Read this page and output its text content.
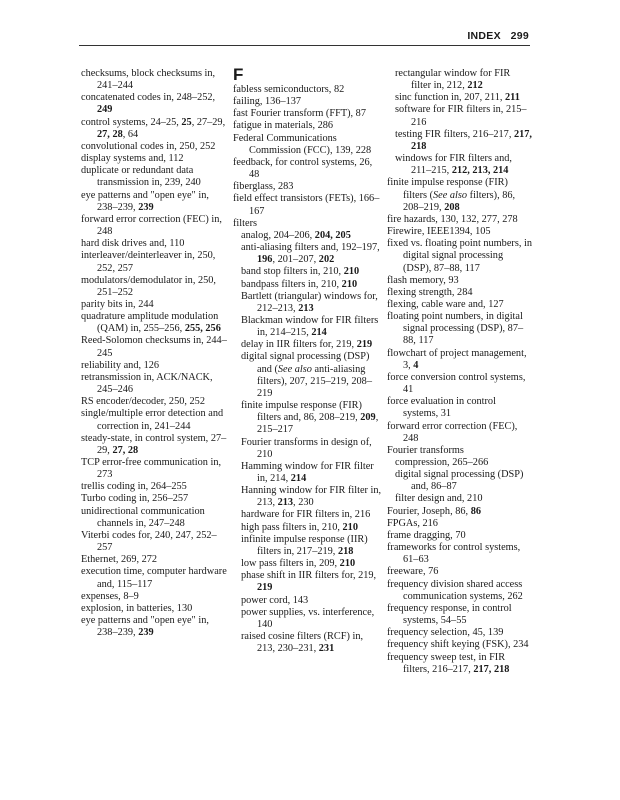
INDEX   299
checksums, block checksums in, 241–244
concatenated codes in, 248–252, 249
control systems, 24–25, 25, 27–29, 27, 28, 64
convolutional codes in, 250, 252
display systems and, 112
duplicate or redundant data transmission in, 239, 240
eye patterns and "open eye" in, 238–239, 239
forward error correction (FEC) in, 248
hard disk drives and, 110
interleaver/deinterleaver in, 250, 252, 257
modulators/demodulator in, 250, 251–252
parity bits in, 244
quadrature amplitude modulation (QAM) in, 255–256, 255, 256
Reed-Solomon checksums in, 244–245
reliability and, 126
retransmission in, ACK/NACK, 245–246
RS encoder/decoder, 250, 252
single/multiple error detection and correction in, 241–244
steady-state, in control system, 27–29, 27, 28
TCP error-free communication in, 273
trellis coding in, 264–255
Turbo coding in, 256–257
unidirectional communication channels in, 247–248
Viterbi codes for, 240, 247, 252–257
Ethernet, 269, 272
execution time, computer hardware and, 115–117
expenses, 8–9
explosion, in batteries, 130
eye patterns and "open eye" in, 238–239, 239
F
fabless semiconductors, 82
failing, 136–137
fast Fourier transform (FFT), 87
fatigue in materials, 286
Federal Communications Commission (FCC), 139, 228
feedback, for control systems, 26, 48
fiberglass, 283
field effect transistors (FETs), 166–167
filters
analog, 204–206, 204, 205
anti-aliasing filters and, 192–197, 196, 201–207, 202
band stop filters in, 210, 210
bandpass filters in, 210, 210
Bartlett (triangular) windows for, 212–213, 213
Blackman window for FIR filters in, 214–215, 214
delay in IIR filters for, 219, 219
digital signal processing (DSP) and (See also anti-aliasing filters), 207, 215–219, 208–219
finite impulse response (FIR) filters and, 86, 208–219, 209, 215–217
Fourier transforms in design of, 210
Hamming window for FIR filter in, 214, 214
Hanning window for FIR filter in, 213, 213, 230
hardware for FIR filters in, 216
high pass filters in, 210, 210
infinite impulse response (IIR) filters in, 217–219, 218
low pass filters in, 209, 210
phase shift in IIR filters for, 219, 219
power cord, 143
power supplies, vs. interference, 140
raised cosine filters (RCF) in, 213, 230–231, 231
rectangular window for FIR filter in, 212, 212
sinc function in, 207, 211, 211
software for FIR filters in, 215–216
testing FIR filters, 216–217, 217, 218
windows for FIR filters and, 211–215, 212, 213, 214
finite impulse response (FIR) filters (See also filters), 86, 208–219, 208
fire hazards, 130, 132, 277, 278
Firewire, IEEE1394, 105
fixed vs. floating point numbers, in digital signal processing (DSP), 87–88, 117
flash memory, 93
flexing strength, 284
flexing, cable ware and, 127
floating point numbers, in digital signal processing (DSP), 87–88, 117
flowchart of project management, 3, 4
force conversion control systems, 41
force evaluation in control systems, 31
forward error correction (FEC), 248
Fourier transforms
compression, 265–266
digital signal processing (DSP) and, 86–87
filter design and, 210
Fourier, Joseph, 86, 86
FPGAs, 216
frame dragging, 70
frameworks for control systems, 61–63
freeware, 76
frequency division shared access communication systems, 262
frequency response, in control systems, 54–55
frequency selection, 45, 139
frequency shift keying (FSK), 234
frequency sweep test, in FIR filters, 216–217, 217, 218
